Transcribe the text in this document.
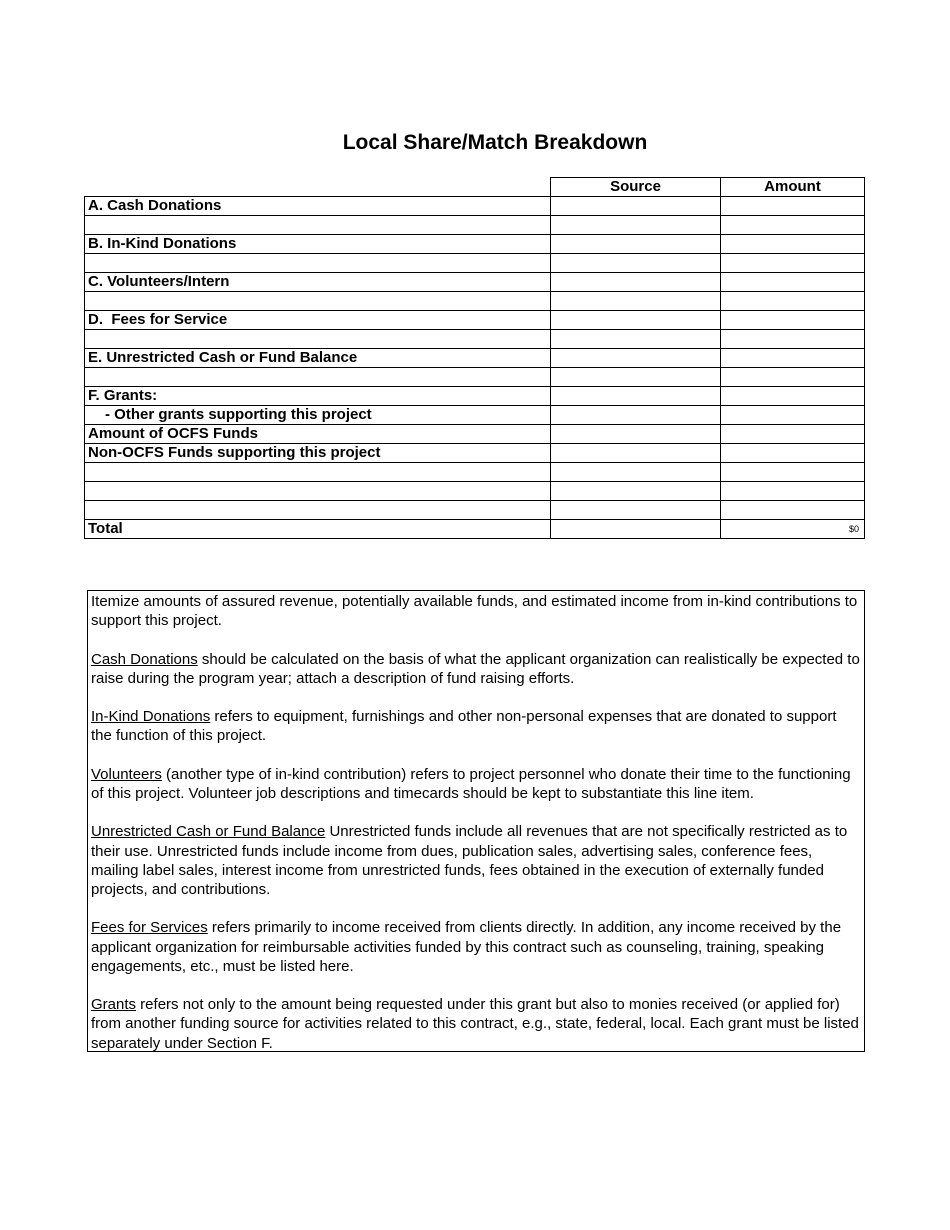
Local Share/Match Breakdown
	Source	Amount
A. Cash Donations		

B. In-Kind Donations		

C. Volunteers/Intern		

D.  Fees for Service		

E. Unrestricted Cash or Fund Balance		

F. Grants:		
- Other grants supporting this project		
Amount of OCFS Funds		
Non-OCFS Funds supporting this project		

Total		$0

Itemize amounts of assured revenue, potentially available funds, and estimated income from in-kind contributions to support this project.

Cash Donations should be calculated on the basis of what the applicant organization can realistically be expected to raise during the program year; attach a description of fund raising efforts.

In-Kind Donations refers to equipment, furnishings and other non-personal expenses that are donated to support the function of this project.

Volunteers (another type of in-kind contribution) refers to project personnel who donate their time to the functioning of this project. Volunteer job descriptions and timecards should be kept to substantiate this line item.

Unrestricted Cash or Fund Balance Unrestricted funds include all revenues that are not specifically restricted as to their use. Unrestricted funds include income from dues, publication sales, advertising sales, conference fees, mailing label sales, interest income from unrestricted funds, fees obtained in the execution of externally funded projects, and contributions.

Fees for Services refers primarily to income received from clients directly. In addition, any income received by the applicant organization for reimbursable activities funded by this contract such as counseling, training, speaking engagements, etc., must be listed here.

Grants refers not only to the amount being requested under this grant but also to monies received (or applied for) from another funding source for activities related to this contract, e.g., state, federal, local. Each grant must be listed separately under Section F.
